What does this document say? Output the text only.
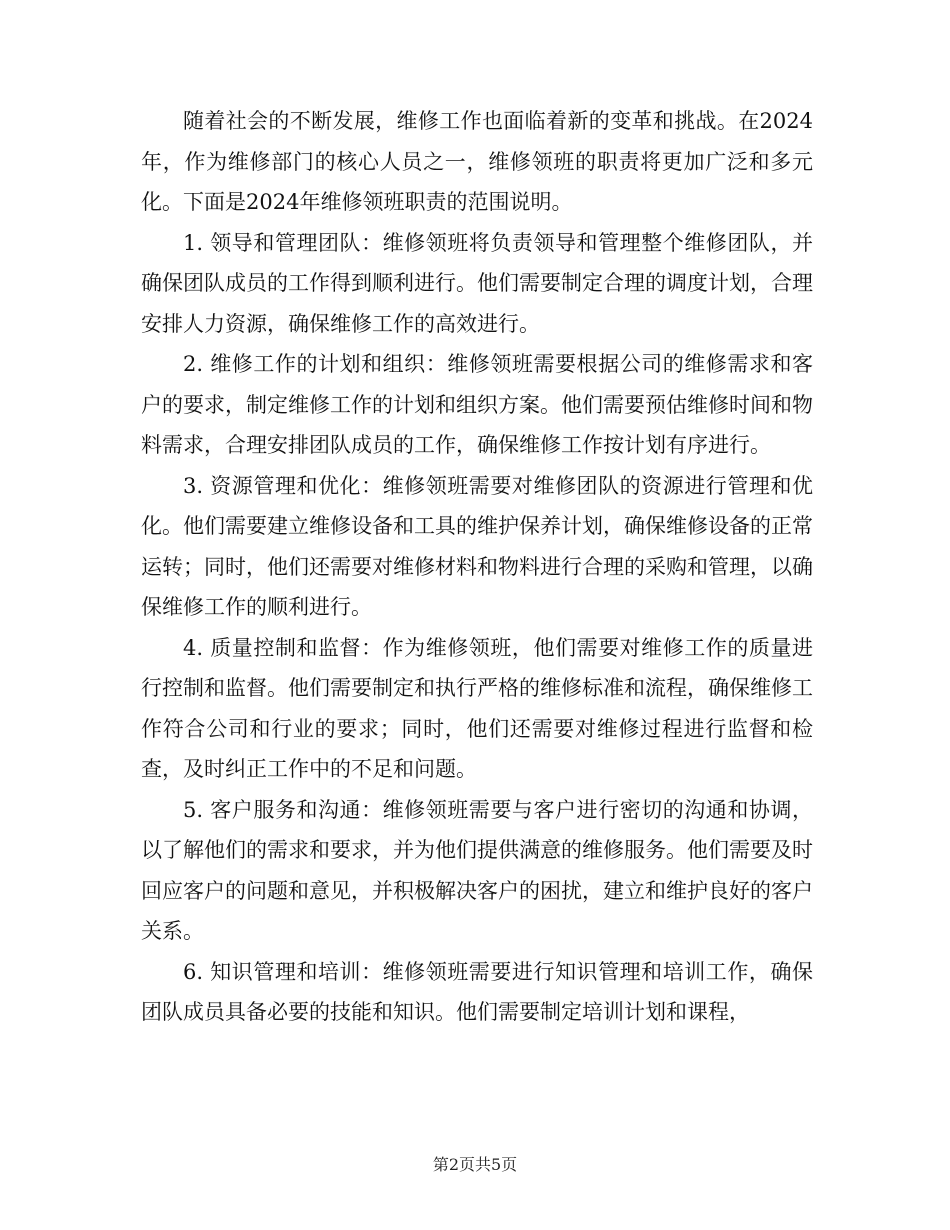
随着社会的不断发展，维修工作也面临着新的变革和挑战。在2024年，作为维修部门的核心人员之一，维修领班的职责将更加广泛和多元化。下面是2024年维修领班职责的范围说明。

1. 领导和管理团队：维修领班将负责领导和管理整个维修团队，并确保团队成员的工作得到顺利进行。他们需要制定合理的调度计划，合理安排人力资源，确保维修工作的高效进行。

2. 维修工作的计划和组织：维修领班需要根据公司的维修需求和客户的要求，制定维修工作的计划和组织方案。他们需要预估维修时间和物料需求，合理安排团队成员的工作，确保维修工作按计划有序进行。

3. 资源管理和优化：维修领班需要对维修团队的资源进行管理和优化。他们需要建立维修设备和工具的维护保养计划，确保维修设备的正常运转；同时，他们还需要对维修材料和物料进行合理的采购和管理，以确保维修工作的顺利进行。

4. 质量控制和监督：作为维修领班，他们需要对维修工作的质量进行控制和监督。他们需要制定和执行严格的维修标准和流程，确保维修工作符合公司和行业的要求；同时，他们还需要对维修过程进行监督和检查，及时纠正工作中的不足和问题。

5. 客户服务和沟通：维修领班需要与客户进行密切的沟通和协调，以了解他们的需求和要求，并为他们提供满意的维修服务。他们需要及时回应客户的问题和意见，并积极解决客户的困扰，建立和维护良好的客户关系。

6. 知识管理和培训：维修领班需要进行知识管理和培训工作，确保团队成员具备必要的技能和知识。他们需要制定培训计划和课程，

第2页共5页
